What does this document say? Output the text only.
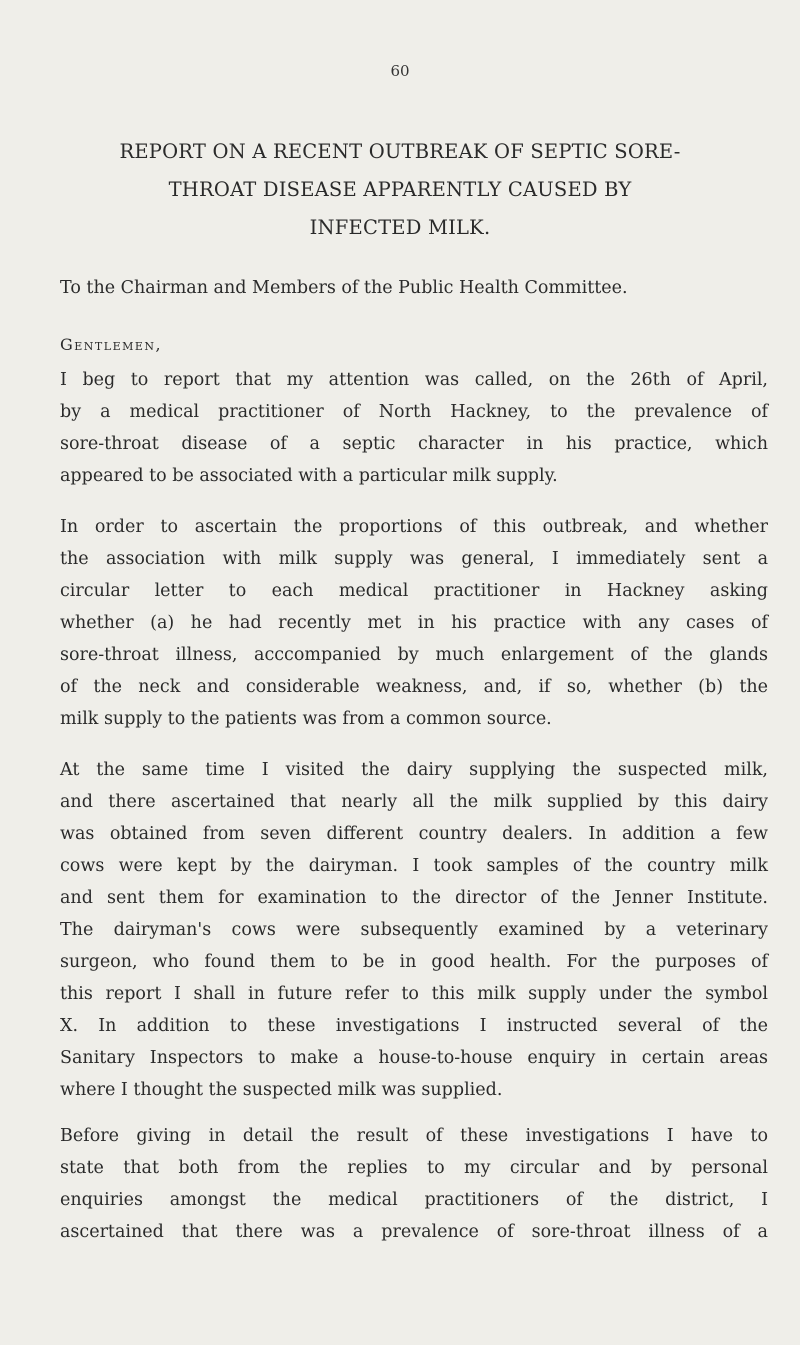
60
REPORT ON A RECENT OUTBREAK OF SEPTIC SORE-
THROAT DISEASE APPARENTLY CAUSED BY
INFECTED MILK.
To the Chairman and Members of the Public Health Committee.
Gentlemen,
I beg to report that my attention was called, on the 26th of April,
by a medical practitioner of North Hackney, to the prevalence of
sore-throat disease of a septic character in his practice, which
appeared to be associated with a particular milk supply.
In order to ascertain the proportions of this outbreak, and whether
the association with milk supply was general, I immediately sent a
circular letter to each medical practitioner in Hackney asking
whether (a) he had recently met in his practice with any cases of
sore-throat illness, acccompanied by much enlargement of the glands
of the neck and considerable weakness, and, if so, whether (b) the
milk supply to the patients was from a common source.
At the same time I visited the dairy supplying the suspected milk,
and there ascertained that nearly all the milk supplied by this dairy
was obtained from seven different country dealers. In addition a few
cows were kept by the dairyman. I took samples of the country milk
and sent them for examination to the director of the Jenner Institute.
The dairyman's cows were subsequently examined by a veterinary
surgeon, who found them to be in good health. For the purposes of
this report I shall in future refer to this milk supply under the symbol
X. In addition to these investigations I instructed several of the
Sanitary Inspectors to make a house-to-house enquiry in certain areas
where I thought the suspected milk was supplied.
Before giving in detail the result of these investigations I have to
state that both from the replies to my circular and by personal
enquiries amongst the medical practitioners of the district, I
ascertained that there was a prevalence of sore-throat illness of a
